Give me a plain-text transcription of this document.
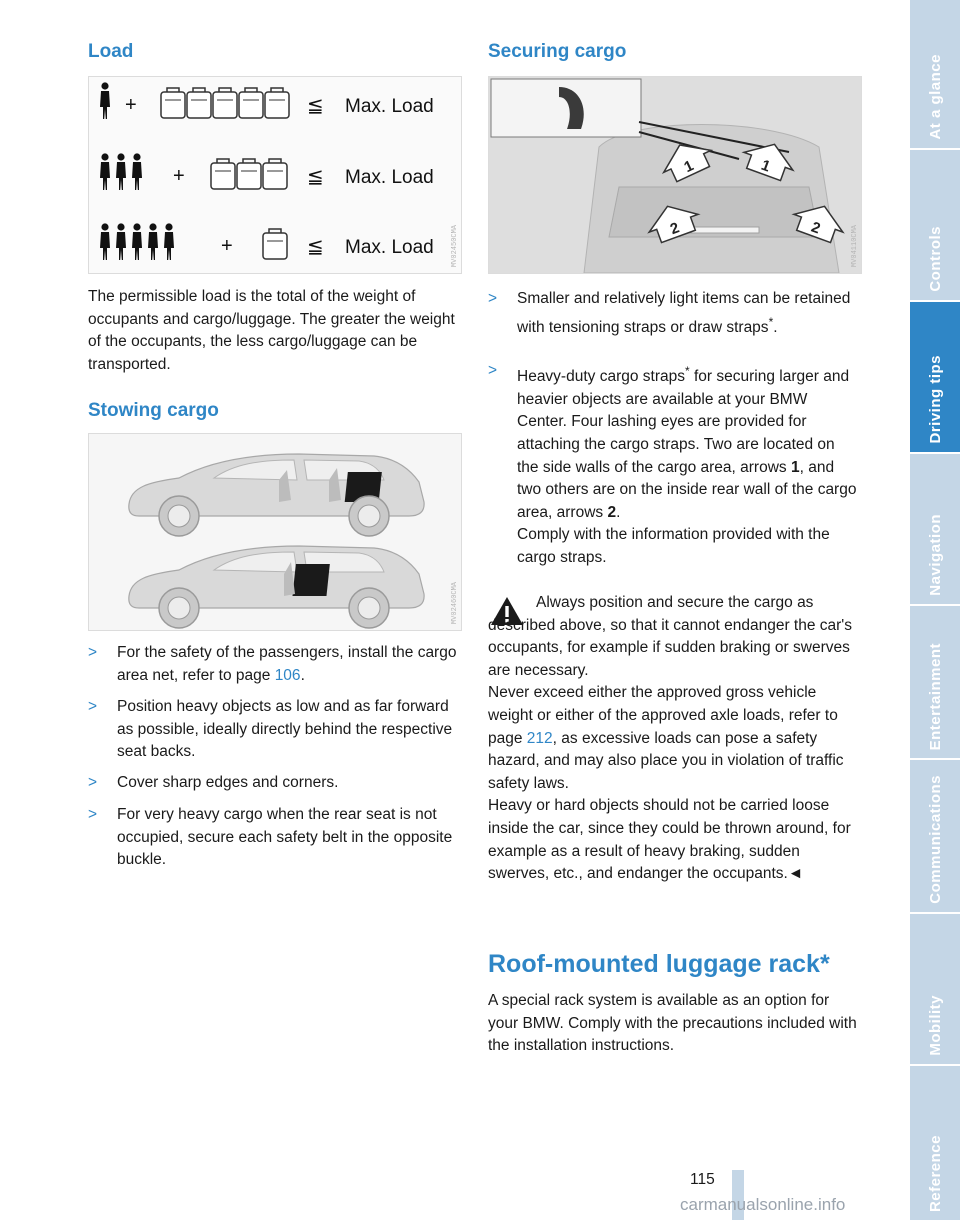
Load
+	≦ Max. Load
+	≦ Max. Load
+	≦ Max. Load MV02450CMA

The permissible load is the total of the weight of occupants and cargo/luggage. The greater the weight of the occupants, the less cargo/luggage can be transported.

Stowing cargo
MV02460CMA
> For the safety of the passengers, install the cargo area net, refer to page 106.
> Position heavy objects as low and as far forward as possible, ideally directly behind the respective seat backs.
> Cover sharp edges and corners.
> For very heavy cargo when the rear seat is not occupied, secure each safety belt in the opposite buckle.
Securing cargo
1	1
2	2	MV04110CMA
> Smaller and relatively light items can be retained with tensioning straps or draw straps*.
> Heavy-duty cargo straps* for securing larger and heavier objects are available at your BMW Center. Four lashing eyes are provided for attaching the cargo straps. Two are located on the side walls of the cargo area, arrows 1, and two others are on the inside rear wall of the cargo area, arrows 2.
Comply with the information provided with the cargo straps.

Always position and secure the cargo as described above, so that it cannot endanger the car's occupants, for example if sudden braking or swerves are necessary.
Never exceed either the approved gross vehicle weight or either of the approved axle loads, refer to page 212, as excessive loads can pose a safety hazard, and may also place you in violation of traffic safety laws.
Heavy or hard objects should not be carried loose inside the car, since they could be thrown around, for example as a result of heavy braking, sudden swerves, etc., and endanger the occupants.◄

Roof-mounted luggage rack*

A special rack system is available as an option for your BMW. Comply with the precautions included with the installation instructions.

At a glance
Controls
Driving tips
Navigation
Entertainment
Communications
Mobility
Reference
115
carmanualsonline.info
